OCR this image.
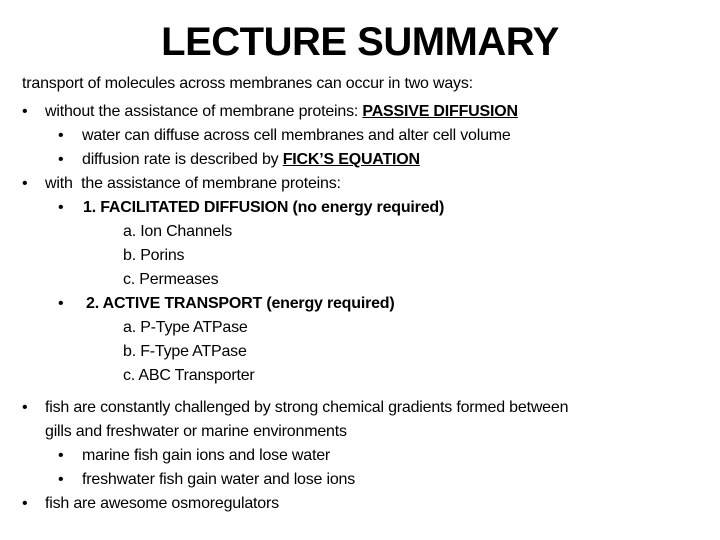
LECTURE SUMMARY
transport of molecules across membranes can occur in two ways:
• without the assistance of membrane proteins: PASSIVE DIFFUSION
• water can diffuse across cell membranes and alter cell volume
• diffusion rate is described by FICK’S EQUATION
• with  the assistance of membrane proteins:
• 1. FACILITATED DIFFUSION (no energy required)
a. Ion Channels
b. Porins
c. Permeases
• 2. ACTIVE TRANSPORT (energy required)
a. P-Type ATPase
b. F-Type ATPase
c. ABC Transporter
• fish are constantly challenged by strong chemical gradients formed between
gills and freshwater or marine environments
• marine fish gain ions and lose water
• freshwater fish gain water and lose ions
• fish are awesome osmoregulators
